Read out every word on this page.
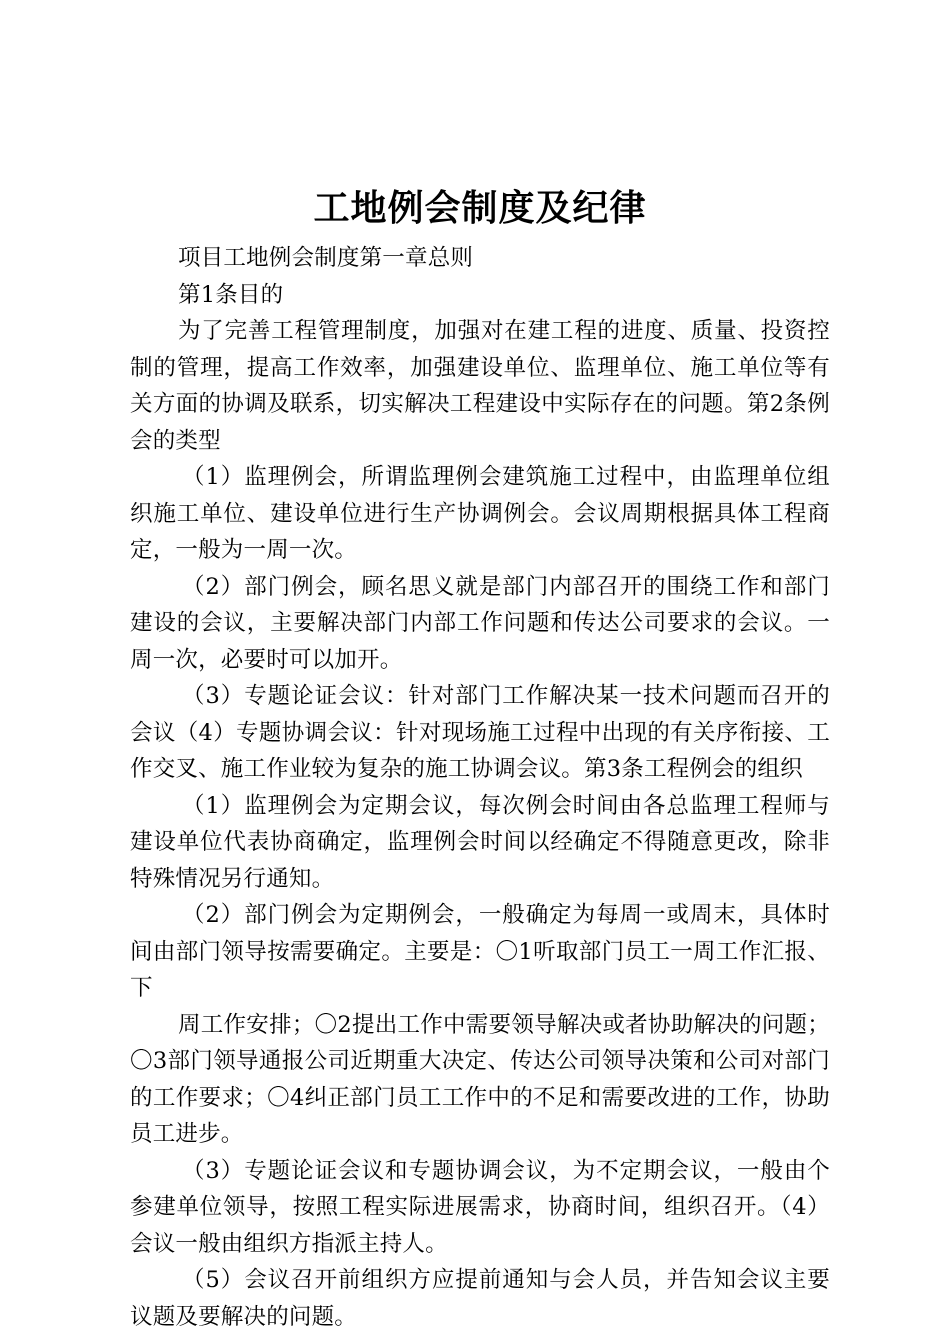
工地例会制度及纪律

项目工地例会制度第一章总则

第1条目的

为了完善工程管理制度，加强对在建工程的进度、质量、投资控制的管理，提高工作效率，加强建设单位、监理单位、施工单位等有关方面的协调及联系，切实解决工程建设中实际存在的问题。第2条例会的类型

（1）监理例会，所谓监理例会建筑施工过程中，由监理单位组织施工单位、建设单位进行生产协调例会。会议周期根据具体工程商定，一般为一周一次。

（2）部门例会，顾名思义就是部门内部召开的围绕工作和部门建设的会议，主要解决部门内部工作问题和传达公司要求的会议。一周一次，必要时可以加开。

（3）专题论证会议：针对部门工作解决某一技术问题而召开的会议（4）专题协调会议：针对现场施工过程中出现的有关序衔接、工作交叉、施工作业较为复杂的施工协调会议。第3条工程例会的组织

（1）监理例会为定期会议，每次例会时间由各总监理工程师与建设单位代表协商确定，监理例会时间以经确定不得随意更改，除非特殊情况另行通知。

（2）部门例会为定期例会，一般确定为每周一或周末，具体时间由部门领导按需要确定。主要是：〇1听取部门员工一周工作汇报、下

周工作安排；〇2提出工作中需要领导解决或者协助解决的问题；〇3部门领导通报公司近期重大决定、传达公司领导决策和公司对部门的工作要求；〇4纠正部门员工工作中的不足和需要改进的工作，协助员工进步。

（3）专题论证会议和专题协调会议，为不定期会议，一般由个参建单位领导，按照工程实际进展需求，协商时间，组织召开。（4）会议一般由组织方指派主持人。

（5）会议召开前组织方应提前通知与会人员，并告知会议主要议题及要解决的问题。
